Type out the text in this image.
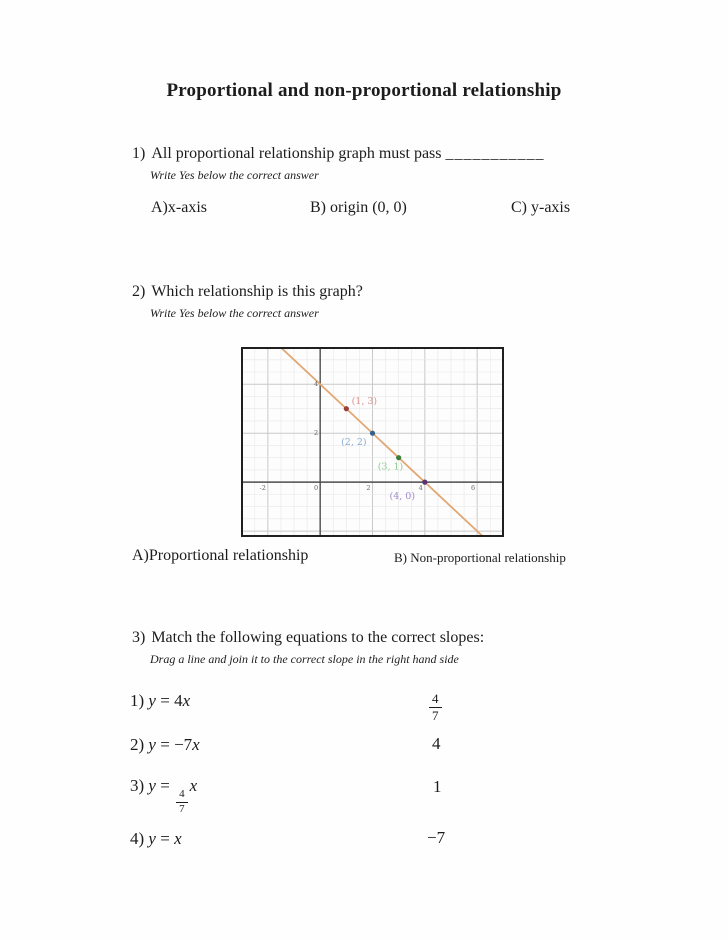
Proportional and non-proportional relationship
1) All proportional relationship graph must pass ___________
Write Yes below the correct answer
A)x-axis	B) origin (0, 0)	C) y-axis
2) Which relationship is this graph?
Write Yes below the correct answer
-2	0	2	4	6
2
4
(1, 3)
(2, 2)
(3, 1)
(4, 0)
A)Proportional relationship	B) Non-proportional relationship
3) Match the following equations to the correct slopes:
Drag a line and join it to the correct slope in the right hand side
1) y = 4x
2) y = −7x
3) y =
$\frac{4}{7}$
x
4) y = x
$\frac{4}{7}$
4
1
−7
